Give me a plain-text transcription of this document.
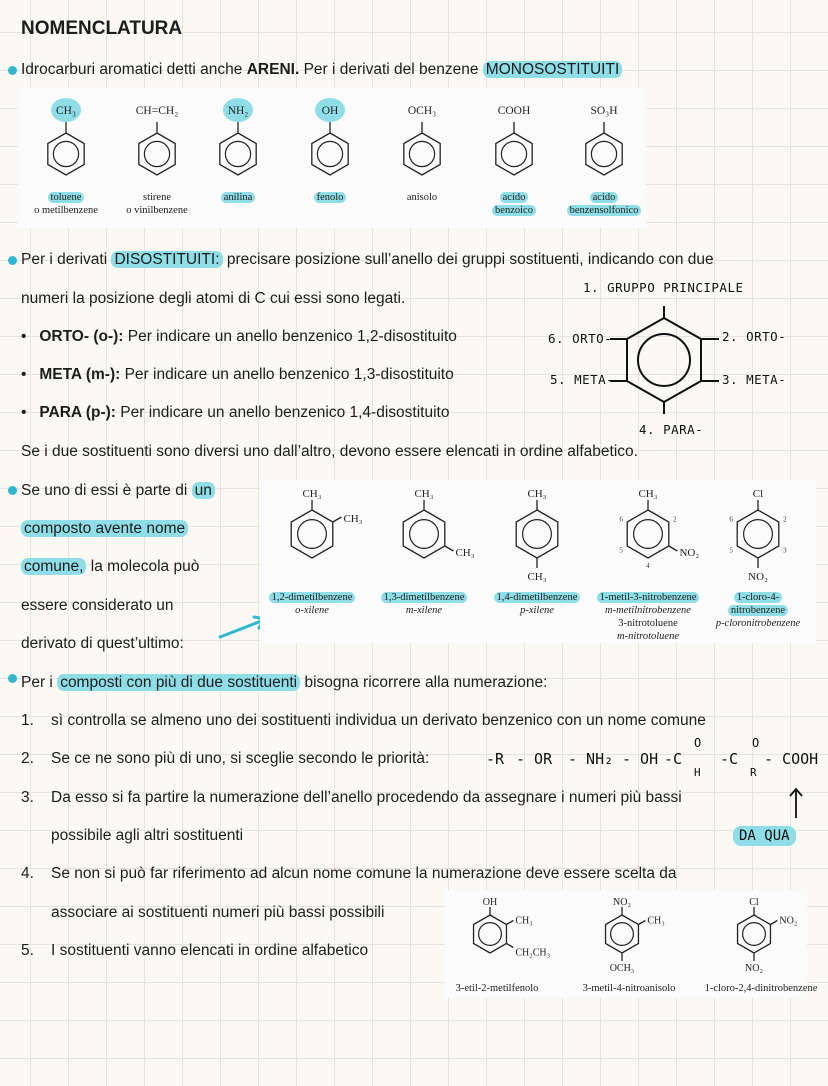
NOMENCLATURA
Idrocarburi aromatici detti anche ARENI. Per i derivati del benzene MONOSOSTITUITI
CH₃
toluene
o metilbenzene
CH=CH₂
stirene
o vinilbenzene
NH₂
anilina
OH
fenolo
OCH₃
anisolo
COOH
acido
benzoico
SO₃H
acido
benzensolfonico
Per i derivati DISOSTITUITI: precisare posizione sull’anello dei gruppi sostituenti, indicando con due
numeri la posizione degli atomi di C cui essi sono legati.
•   ORTO- (o-): Per indicare un anello benzenico 1,2-disostituito
•   META (m-): Per indicare un anello benzenico 1,3-disostituito
•   PARA (p-): Per indicare un anello benzenico 1,4-disostituito
Se i due sostituenti sono diversi uno dall’altro, devono essere elencati in ordine alfabetico.
1. GRUPPO PRINCIPALE
6. ORTO-	2. ORTO-
5. META-	3. META-
4. PARA-
Se uno di essi è parte di un
composto avente nome
comune, la molecola può
essere considerato un
derivato di quest’ultimo:
CH₃
CH₃
1,2-dimetilbenzene
o-xilene
CH₃
CH₃
1,3-dimetilbenzene
m-xilene
CH₃
CH₃
1,4-dimetilbenzene
p-xilene
CH₃
NO₂
2
4
5
6
1-metil-3-nitrobenzene
m-metilnitrobenzene
3-nitrotoluene
m-nitrotoluene
Cl
NO₂
2
3
5
6
1-cloro-4-
nitrobenzene
p-cloronitrobenzene
Per i composti con più di due sostituenti bisogna ricorrere alla numerazione:
1. sì controlla se almeno uno dei sostituenti individua un derivato benzenico con un nome comune
2. Se ce ne sono più di uno, si sceglie secondo le priorità:
3. Da esso si fa partire la numerazione dell’anello procedendo da assegnare i numeri più bassi
possibile agli altri sostituenti
4. Se non si può far riferimento ad alcun nome comune la numerazione deve essere scelta da
associare ai sostituenti numeri più bassi possibili
5. I sostituenti vanno elencati in ordine alfabetico
-R - OR - NH₂ - OH -C
O
H
-C
O
R
- COOH
DA QUA
OH
CH₃
CH₂CH₃
3-etil-2-metilfenolo
NO₂
CH₃
OCH₃
3-metil-4-nitroanisolo
Cl
NO₂
NO₂
1-cloro-2,4-dinitrobenzene
